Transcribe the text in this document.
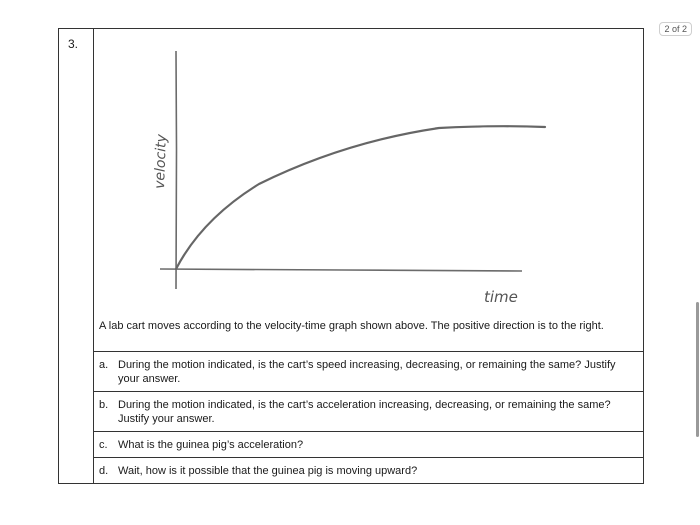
2 of 2
3.

velocity
time
A lab cart moves according to the velocity-time graph shown above. The positive direction is to the right.

a. During the motion indicated, is the cart’s speed increasing, decreasing, or remaining the same? Justify your answer.

b. During the motion indicated, is the cart’s acceleration increasing, decreasing, or remaining the same? Justify your answer.

c. What is the guinea pig’s acceleration?

d. Wait, how is it possible that the guinea pig is moving upward?
